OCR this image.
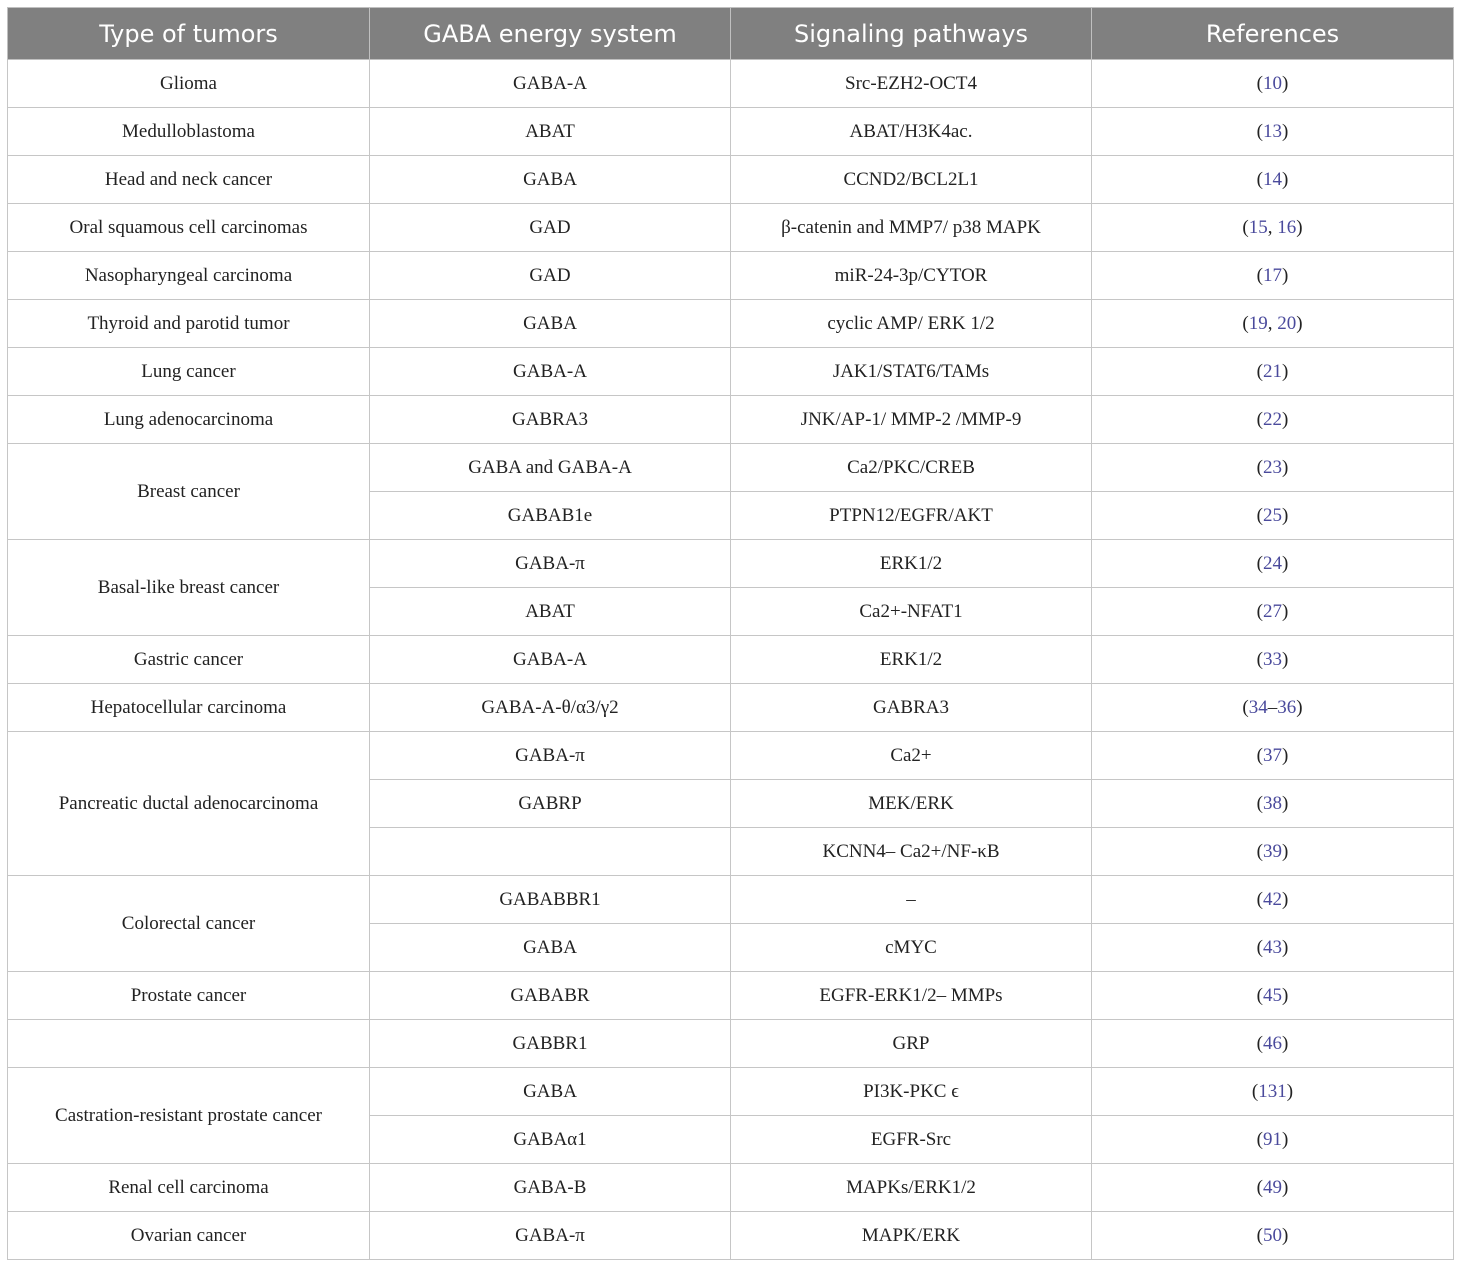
Type of tumors	GABA energy system	Signaling pathways	References
Glioma	GABA-A	Src-EZH2-OCT4	(10)
Medulloblastoma	ABAT	ABAT/H3K4ac.	(13)
Head and neck cancer	GABA	CCND2/BCL2L1	(14)
Oral squamous cell carcinomas	GAD	β-catenin and MMP7/ p38 MAPK	(15, 16)
Nasopharyngeal carcinoma	GAD	miR-24-3p/CYTOR	(17)
Thyroid and parotid tumor	GABA	cyclic AMP/ ERK 1/2	(19, 20)
Lung cancer	GABA-A	JAK1/STAT6/TAMs	(21)
Lung adenocarcinoma	GABRA3	JNK/AP-1/ MMP-2 /MMP-9	(22)
Breast cancer	GABA and GABA-A	Ca2/PKC/CREB	(23)
	GABAB1e	PTPN12/EGFR/AKT	(25)
Basal-like breast cancer	GABA-π	ERK1/2	(24)
	ABAT	Ca2+-NFAT1	(27)
Gastric cancer	GABA-A	ERK1/2	(33)
Hepatocellular carcinoma	GABA-A-θ/α3/γ2	GABRA3	(34–36)
Pancreatic ductal adenocarcinoma	GABA-π	Ca2+	(37)
	GABRP	MEK/ERK	(38)
		KCNN4– Ca2+/NF-κB	(39)
Colorectal cancer	GABABBR1	–	(42)
	GABA	cMYC	(43)
Prostate cancer	GABABR	EGFR-ERK1/2– MMPs	(45)
	GABBR1	GRP	(46)
Castration-resistant prostate cancer	GABA	PI3K-PKC ϵ	(131)
	GABAα1	EGFR-Src	(91)
Renal cell carcinoma	GABA-B	MAPKs/ERK1/2	(49)
Ovarian cancer	GABA-π	MAPK/ERK	(50)
